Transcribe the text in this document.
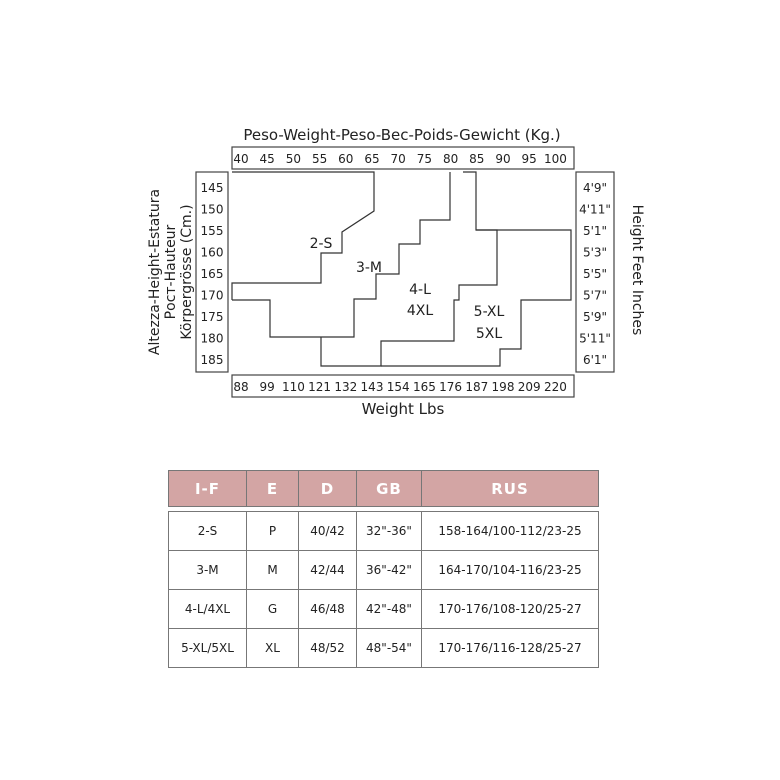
Peso-Weight-Peso-Bec-Poids-Gewicht (Kg.)
40 45 50 55 60 65 70 75 80 85 90 95 100
88 99 110 121 132 143 154 165 176 187 198 209 220
Weight Lbs
145
150
155
160
165
170
175
180
185
4'9"
4'11"
5'1"
5'3"
5'5"
5'7"
5'9"
5'11"
6'1"
Altezza-Height-Estatura Рост-Hauteur Körpergrösse (Cm.)	Height Feet Inches
2-S
3-M
4-L
4XL	5-XL
5XL
I-F	E	D	GB	RUS

2-S	P	40/42	32"-36"	158-164/100-112/23-25
3-M	M	42/44	36"-42"	164-170/104-116/23-25
4-L/4XL	G	46/48	42"-48"	170-176/108-120/25-27
5-XL/5XL	XL	48/52	48"-54"	170-176/116-128/25-27
